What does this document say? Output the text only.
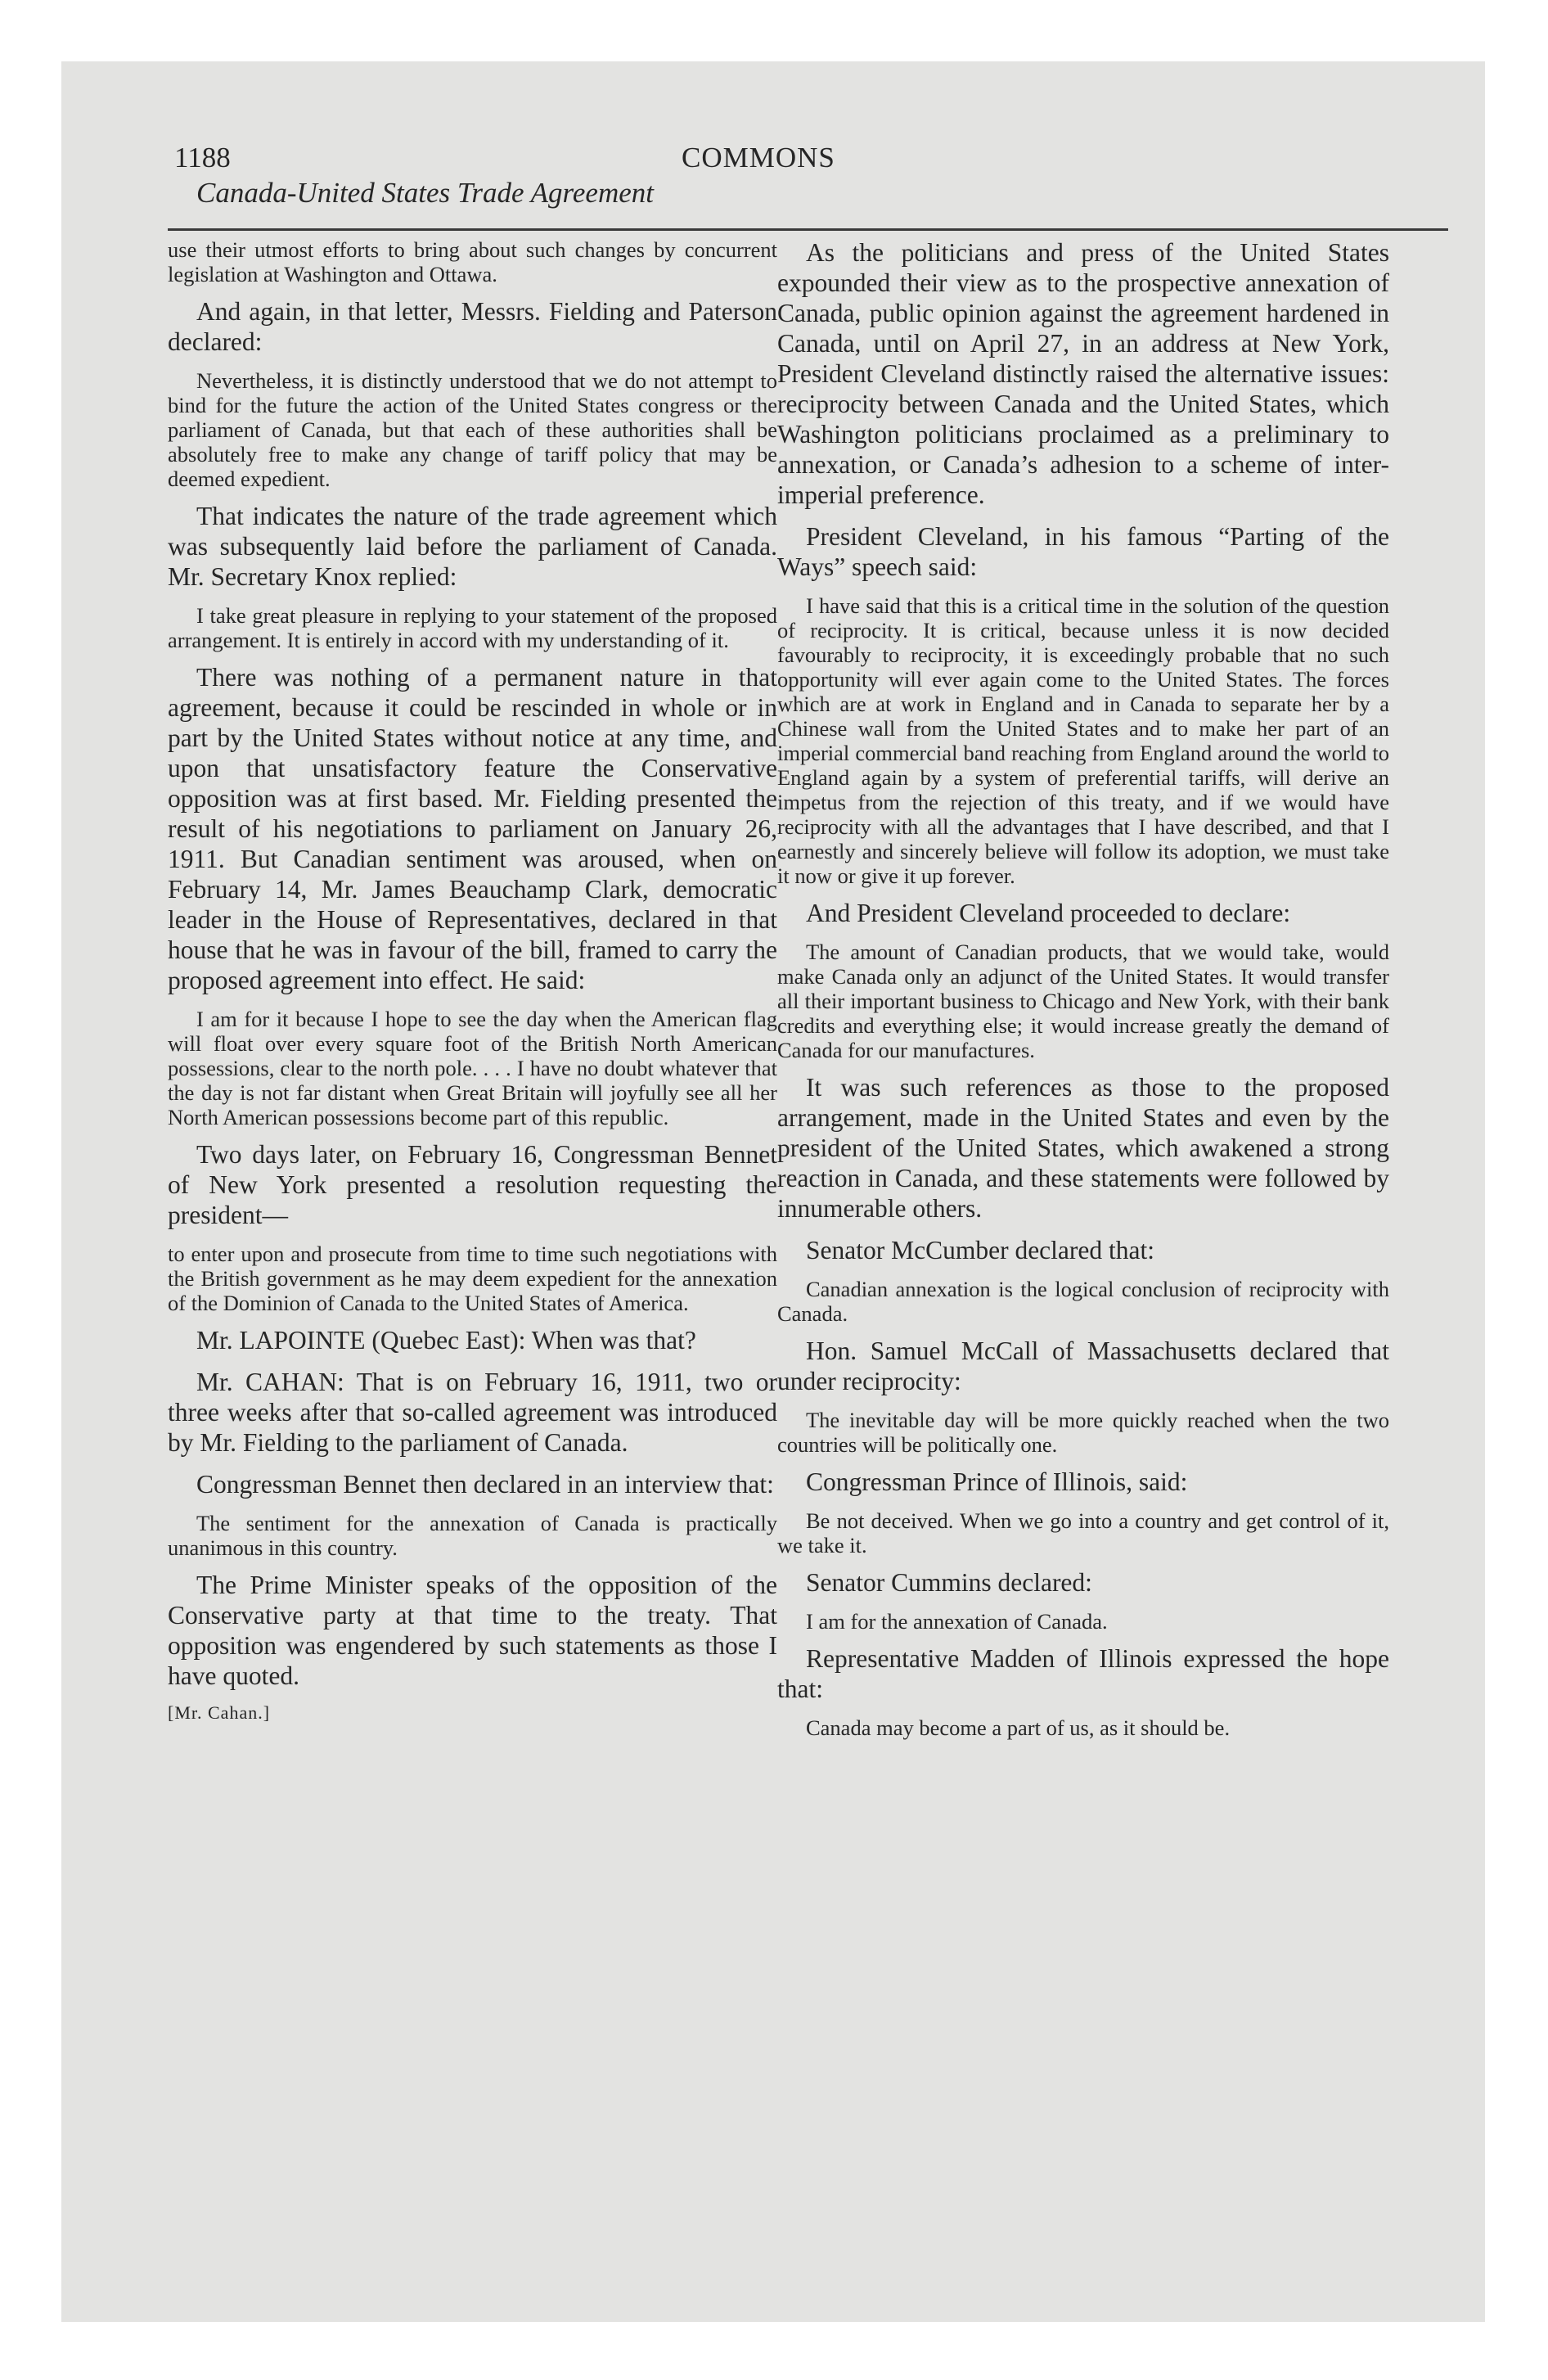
1188	COMMONS

Canada-United States Trade Agreement

use their utmost efforts to bring about such changes by concurrent legislation at Washington and Ottawa.

And again, in that letter, Messrs. Fielding and Paterson declared:

Nevertheless, it is distinctly understood that we do not attempt to bind for the future the action of the United States congress or the parliament of Canada, but that each of these authorities shall be absolutely free to make any change of tariff policy that may be deemed expedient.

That indicates the nature of the trade agreement which was subsequently laid before the parliament of Canada. Mr. Secretary Knox replied:

I take great pleasure in replying to your statement of the proposed arrangement. It is entirely in accord with my understanding of it.

There was nothing of a permanent nature in that agreement, because it could be rescinded in whole or in part by the United States without notice at any time, and upon that unsatisfactory feature the Conservative opposition was at first based. Mr. Fielding presented the result of his negotiations to parliament on January 26, 1911. But Canadian sentiment was aroused, when on February 14, Mr. James Beauchamp Clark, democratic leader in the House of Representatives, declared in that house that he was in favour of the bill, framed to carry the proposed agreement into effect. He said:

I am for it because I hope to see the day when the American flag will float over every square foot of the British North American possessions, clear to the north pole. . . . I have no doubt whatever that the day is not far distant when Great Britain will joyfully see all her North American possessions become part of this republic.

Two days later, on February 16, Congressman Bennet of New York presented a resolution requesting the president—

to enter upon and prosecute from time to time such negotiations with the British government as he may deem expedient for the annexation of the Dominion of Canada to the United States of America.

Mr. LAPOINTE (Quebec East): When was that?

Mr. CAHAN: That is on February 16, 1911, two or three weeks after that so-called agreement was introduced by Mr. Fielding to the parliament of Canada.

Congressman Bennet then declared in an interview that:

The sentiment for the annexation of Canada is practically unanimous in this country.

The Prime Minister speaks of the opposition of the Conservative party at that time to the treaty. That opposition was engendered by such statements as those I have quoted.

[Mr. Cahan.]

As the politicians and press of the United States expounded their view as to the prospective annexation of Canada, public opinion against the agreement hardened in Canada, until on April 27, in an address at New York, President Cleveland distinctly raised the alternative issues: reciprocity between Canada and the United States, which Washington politicians proclaimed as a preliminary to annexation, or Canada’s adhesion to a scheme of inter-imperial preference.

President Cleveland, in his famous “Parting of the Ways” speech said:

I have said that this is a critical time in the solution of the question of reciprocity. It is critical, because unless it is now decided favourably to reciprocity, it is exceedingly probable that no such opportunity will ever again come to the United States. The forces which are at work in England and in Canada to separate her by a Chinese wall from the United States and to make her part of an imperial commercial band reaching from England around the world to England again by a system of preferential tariffs, will derive an impetus from the rejection of this treaty, and if we would have reciprocity with all the advantages that I have described, and that I earnestly and sincerely believe will follow its adoption, we must take it now or give it up forever.

And President Cleveland proceeded to declare:

The amount of Canadian products, that we would take, would make Canada only an adjunct of the United States. It would transfer all their important business to Chicago and New York, with their bank credits and everything else; it would increase greatly the demand of Canada for our manufactures.

It was such references as those to the proposed arrangement, made in the United States and even by the president of the United States, which awakened a strong reaction in Canada, and these statements were followed by innumerable others.

Senator McCumber declared that:

Canadian annexation is the logical conclusion of reciprocity with Canada.

Hon. Samuel McCall of Massachusetts declared that under reciprocity:

The inevitable day will be more quickly reached when the two countries will be politically one.

Congressman Prince of Illinois, said:

Be not deceived. When we go into a country and get control of it, we take it.

Senator Cummins declared:

I am for the annexation of Canada.

Representative Madden of Illinois expressed the hope that:

Canada may become a part of us, as it should be.
